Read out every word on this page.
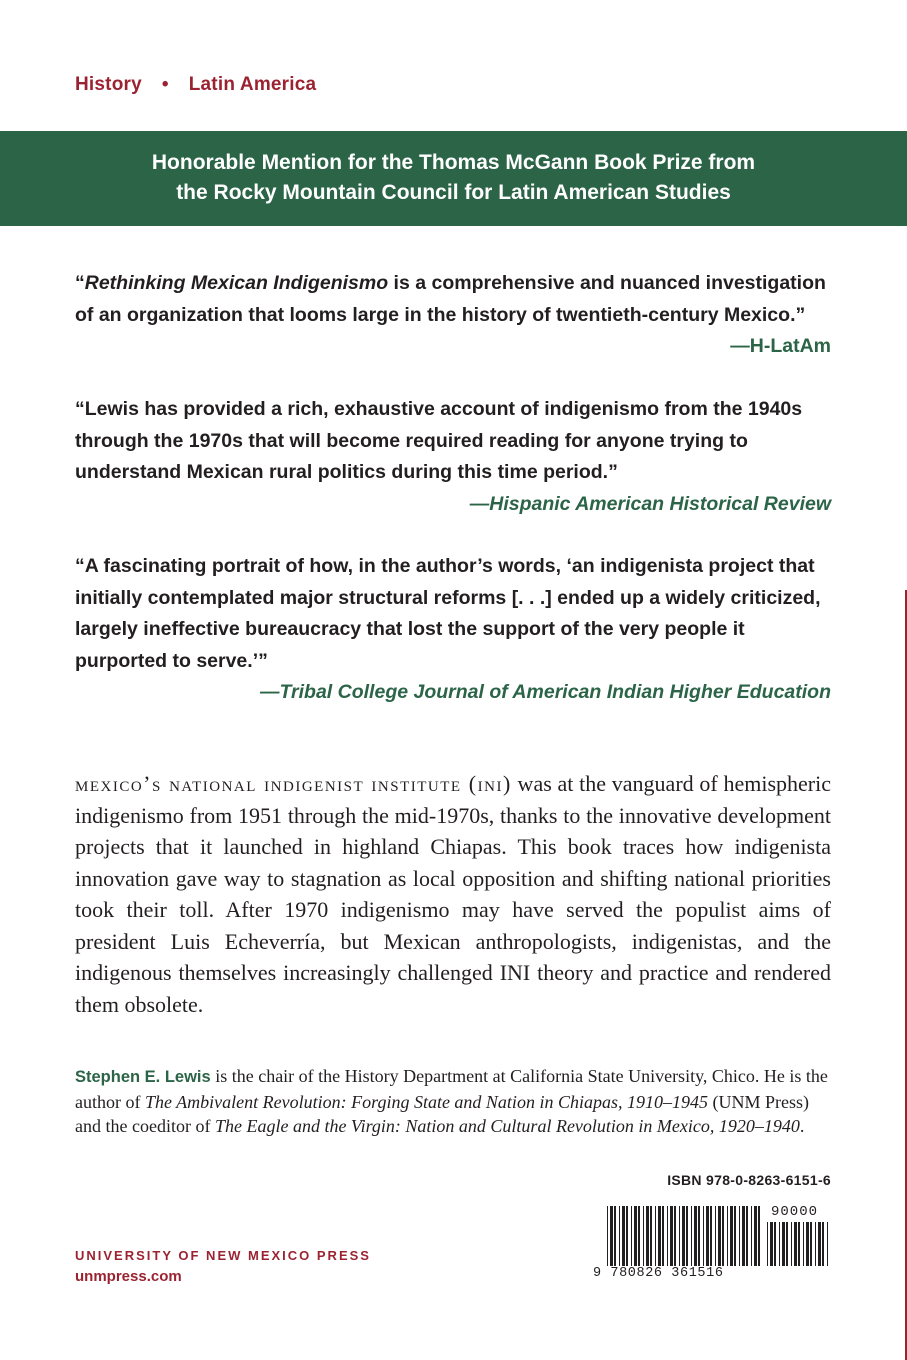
History • Latin America
Honorable Mention for the Thomas McGann Book Prize from
the Rocky Mountain Council for Latin American Studies
“Rethinking Mexican Indigenismo is a comprehensive and nuanced investigation of an organization that looms large in the history of twentieth-century Mexico.”
—H-LatAm
“Lewis has provided a rich, exhaustive account of indigenismo from the 1940s through the 1970s that will become required reading for anyone trying to understand Mexican rural politics during this time period.”
—Hispanic American Historical Review
“A fascinating portrait of how, in the author’s words, ‘an indigenista project that initially contemplated major structural reforms [. . .] ended up a widely criticized, largely ineffective bureaucracy that lost the support of the very people it purported to serve.’”
—Tribal College Journal of American Indian Higher Education
mexico’s national indigenist institute (ini) was at the vanguard of hemispheric indigenismo from 1951 through the mid-1970s, thanks to the innovative development projects that it launched in highland Chiapas. This book traces how indigenista innovation gave way to stagnation as local opposition and shifting national priorities took their toll. After 1970 indigenismo may have served the populist aims of president Luis Echeverría, but Mexican anthropologists, indigenistas, and the indigenous themselves increasingly challenged INI theory and practice and rendered them obsolete.
Stephen E. Lewis is the chair of the History Department at California State University, Chico. He is the author of The Ambivalent Revolution: Forging State and Nation in Chiapas, 1910–1945 (UNM Press) and the coeditor of The Eagle and the Virgin: Nation and Cultural Revolution in Mexico, 1920–1940.
ISBN 978-0-8263-6151-6
90000
9 780826 361516
UNIVERSITY OF NEW MEXICO PRESS
unmpress.com
